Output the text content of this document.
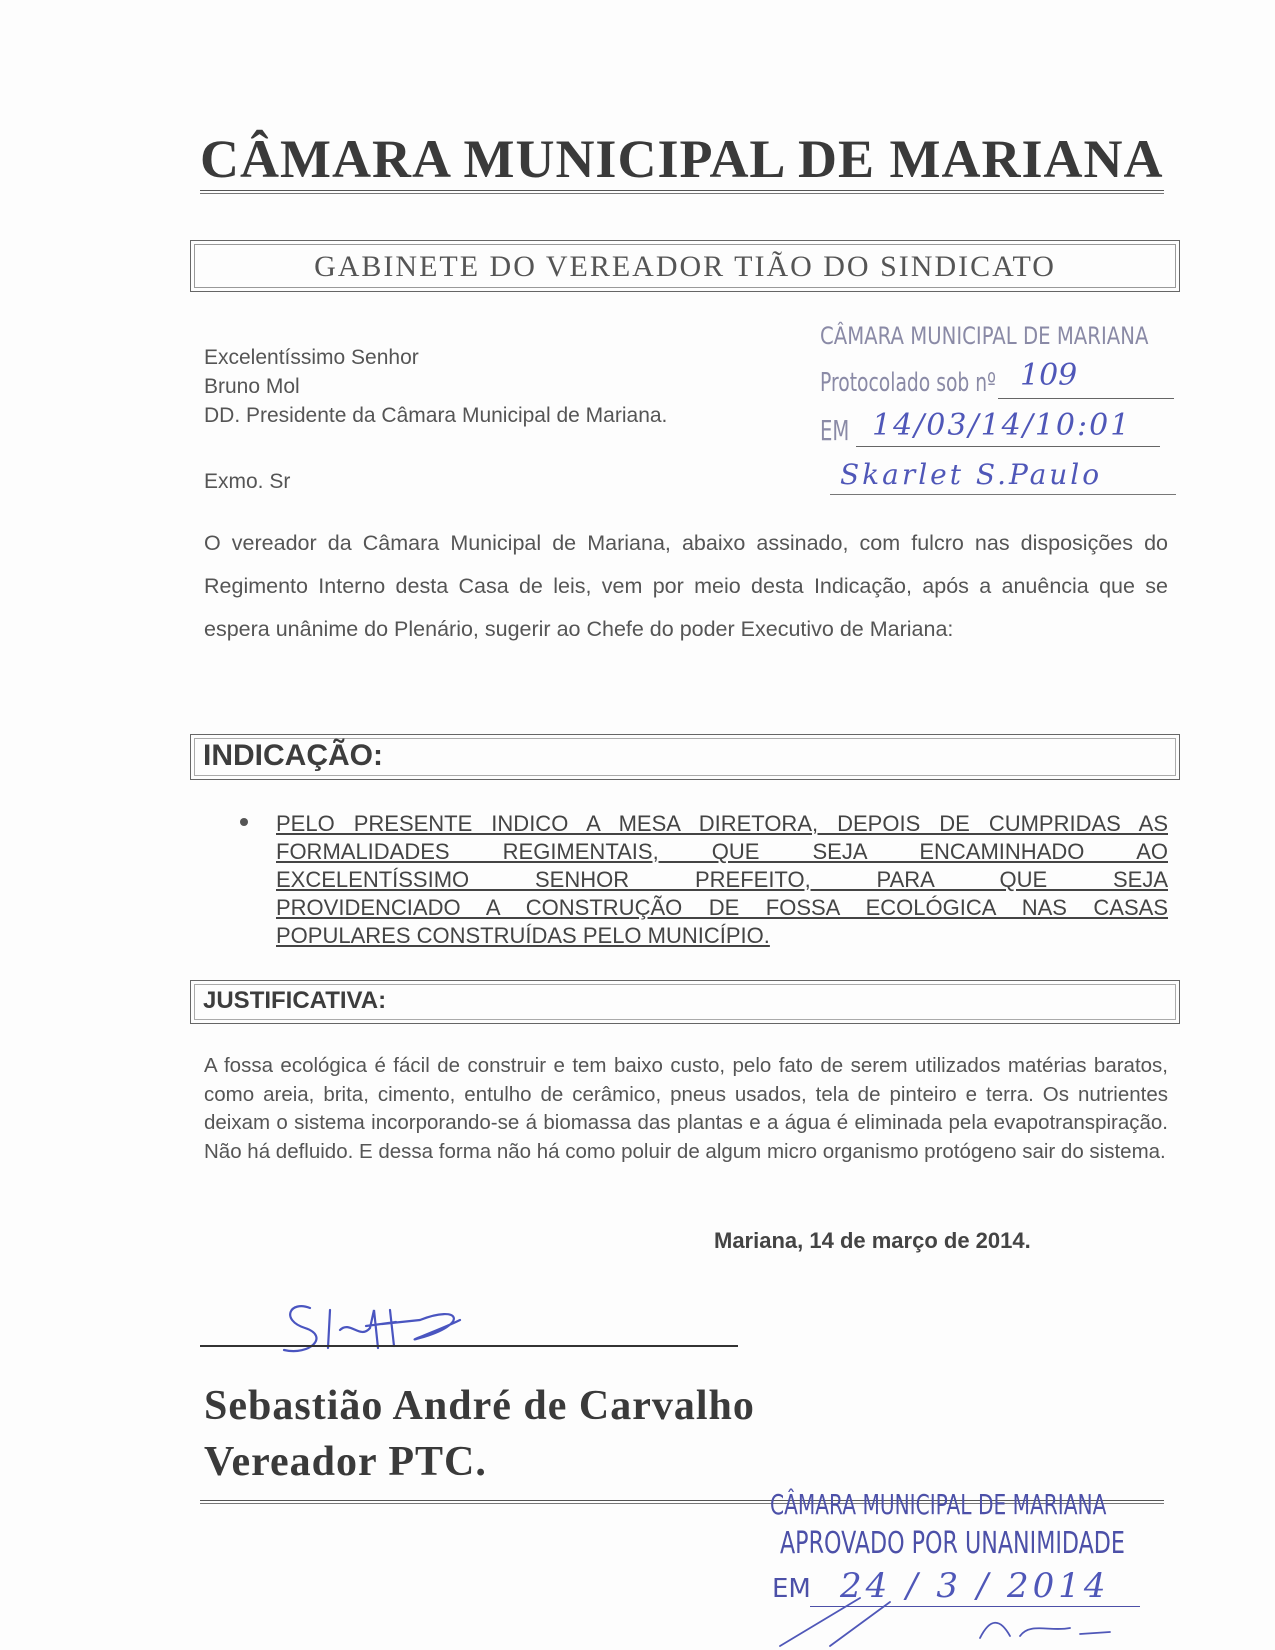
CÂMARA MUNICIPAL DE MARIANA
GABINETE DO VEREADOR TIÃO DO SINDICATO
Excelentíssimo Senhor
Bruno Mol
DD. Presidente da Câmara Municipal de Mariana.
CÂMARA MUNICIPAL DE MARIANA
Protocolado sob nº 109
EM 14/03/14/10:01
Skarlet S.Paulo
Exmo. Sr
O vereador da Câmara Municipal de Mariana, abaixo assinado, com fulcro nas disposições do Regimento Interno desta Casa de leis, vem por meio desta Indicação, após a anuência que se espera unânime do Plenário, sugerir ao Chefe do poder Executivo de Mariana:
INDICAÇÃO:
PELO PRESENTE INDICO A MESA DIRETORA, DEPOIS DE CUMPRIDAS AS
FORMALIDADES REGIMENTAIS, QUE SEJA ENCAMINHADO AO
EXCELENTÍSSIMO SENHOR PREFEITO, PARA QUE SEJA
PROVIDENCIADO A CONSTRUÇÃO DE FOSSA ECOLÓGICA NAS CASAS
POPULARES CONSTRUÍDAS PELO MUNICÍPIO.
JUSTIFICATIVA:
A fossa ecológica é fácil de construir e tem baixo custo, pelo fato de serem utilizados matérias baratos, como areia, brita, cimento, entulho de cerâmico, pneus usados, tela de pinteiro e terra. Os nutrientes deixam o sistema incorporando-se á biomassa das plantas e a água é eliminada pela evapotranspiração. Não há defluido. E dessa forma não há como poluir de algum micro organismo protógeno sair do sistema.
Mariana, 14 de março de 2014.
Sebastião André de Carvalho
Vereador PTC.
CÂMARA MUNICIPAL DE MARIANA
APROVADO POR UNANIMIDADE
EM 24 / 3 / 2014
